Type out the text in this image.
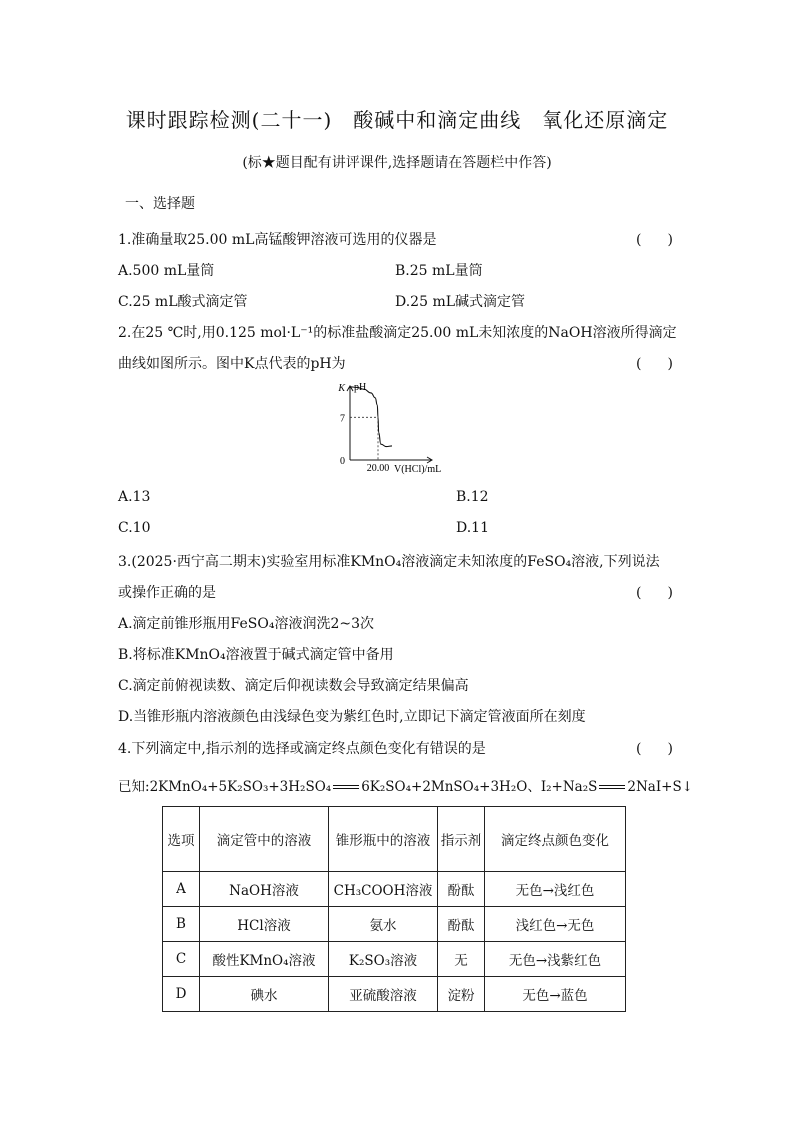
课时跟踪检测(二十一)　酸碱中和滴定曲线　氧化还原滴定
(标★题目配有讲评课件,选择题请在答题栏中作答)
一、选择题
1.准确量取25.00 mL高锰酸钾溶液可选用的仪器是	(　)
A.500 mL量筒	B.25 mL量筒
C.25 mL酸式滴定管	D.25 mL碱式滴定管
2.在25 ℃时,用0.125 mol·L⁻¹的标准盐酸滴定25.00 mL未知浓度的NaOH溶液所得滴定
曲线如图所示。图中K点代表的pH为	(　)
pH
K
7
0
20.00 V(HCl)/mL
A.13	B.12
C.10	D.11
3.(2025·西宁高二期末)实验室用标准KMnO₄溶液滴定未知浓度的FeSO₄溶液,下列说法
或操作正确的是	(　)
A.滴定前锥形瓶用FeSO₄溶液润洗2~3次
B.将标准KMnO₄溶液置于碱式滴定管中备用
C.滴定前俯视读数、滴定后仰视读数会导致滴定结果偏高
D.当锥形瓶内溶液颜色由浅绿色变为紫红色时,立即记下滴定管液面所在刻度
4.下列滴定中,指示剂的选择或滴定终点颜色变化有错误的是	(　)
已知:2KMnO₄+5K₂SO₃+3H₂SO₄ 6K₂SO₄+2MnSO₄+3H₂O、I₂+Na₂S 2NaI+S↓
选项	滴定管中的溶液	锥形瓶中的溶液	指示剂	滴定终点颜色变化
A	NaOH溶液	CH₃COOH溶液	酚酞	无色→浅红色
B	HCl溶液	氨水	酚酞	浅红色→无色
C	酸性KMnO₄溶液	K₂SO₃溶液	无	无色→浅紫红色
D	碘水	亚硫酸溶液	淀粉	无色→蓝色
